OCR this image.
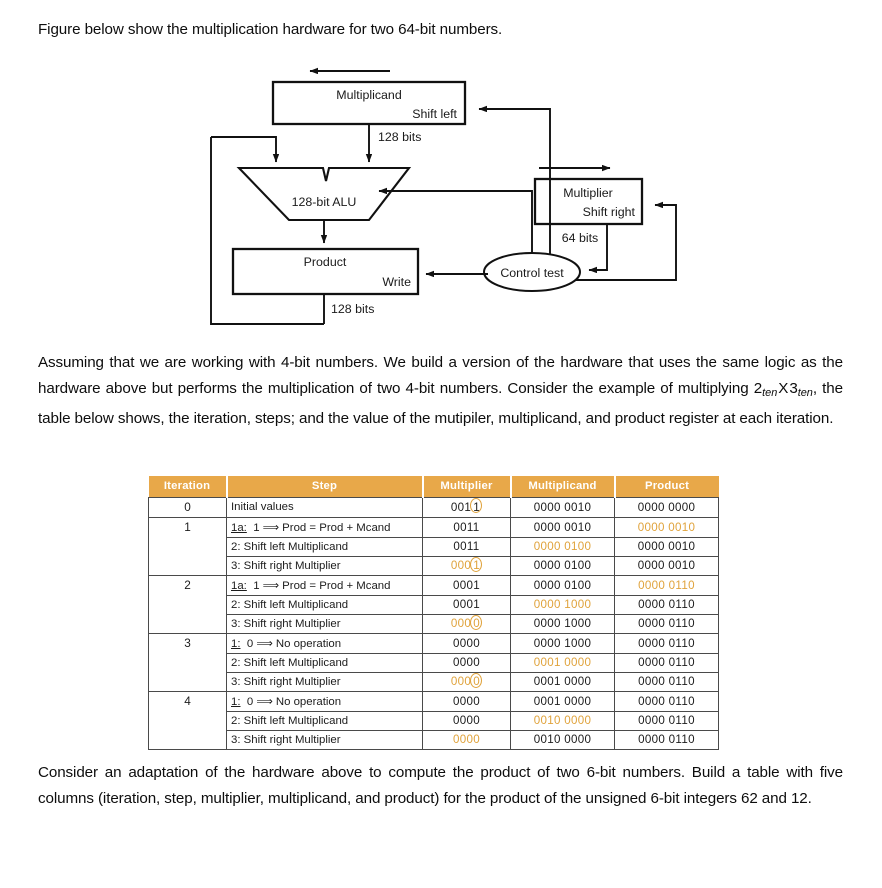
Figure below show the multiplication hardware for two 64-bit numbers.
Multiplicand
Shift left
128 bits
128-bit ALU
Product
Write
128 bits
Multiplier
Shift right
64 bits
Control test
Assuming that we are working with 4-bit numbers. We build a version of the hardware that uses the same logic as the hardware above but performs the multiplication of two 4-bit numbers. Consider the example of multiplying $2_{ten}X3_{ten}$, the table below shows, the iteration, steps; and the value of the mutipiler, multiplicand, and product register at each iteration.
Iteration	Step	Multiplier	Multiplicand	Product
0	Initial values	001 1	0000 0010	0000 0000
1	1a: 1 ⟹ Prod = Prod + Mcand	0011	0000 0010	0000 0010
	2: Shift left Multiplicand	0011	0000 0100	0000 0010
	3: Shift right Multiplier	000 1	0000 0100	0000 0010
2	1a: 1 ⟹ Prod = Prod + Mcand	0001	0000 0100	0000 0110
	2: Shift left Multiplicand	0001	0000 1000	0000 0110
	3: Shift right Multiplier	000 0	0000 1000	0000 0110
3	1: 0 ⟹ No operation	0000	0000 1000	0000 0110
	2: Shift left Multiplicand	0000	0001 0000	0000 0110
	3: Shift right Multiplier	000 0	0001 0000	0000 0110
4	1: 0 ⟹ No operation	0000	0001 0000	0000 0110
	2: Shift left Multiplicand	0000	0010 0000	0000 0110
	3: Shift right Multiplier	0000	0010 0000	0000 0110
Consider an adaptation of the hardware above to compute the product of two 6-bit numbers. Build a table with five columns (iteration, step, multiplier, multiplicand, and product) for the product of the unsigned 6-bit integers 62 and 12.
